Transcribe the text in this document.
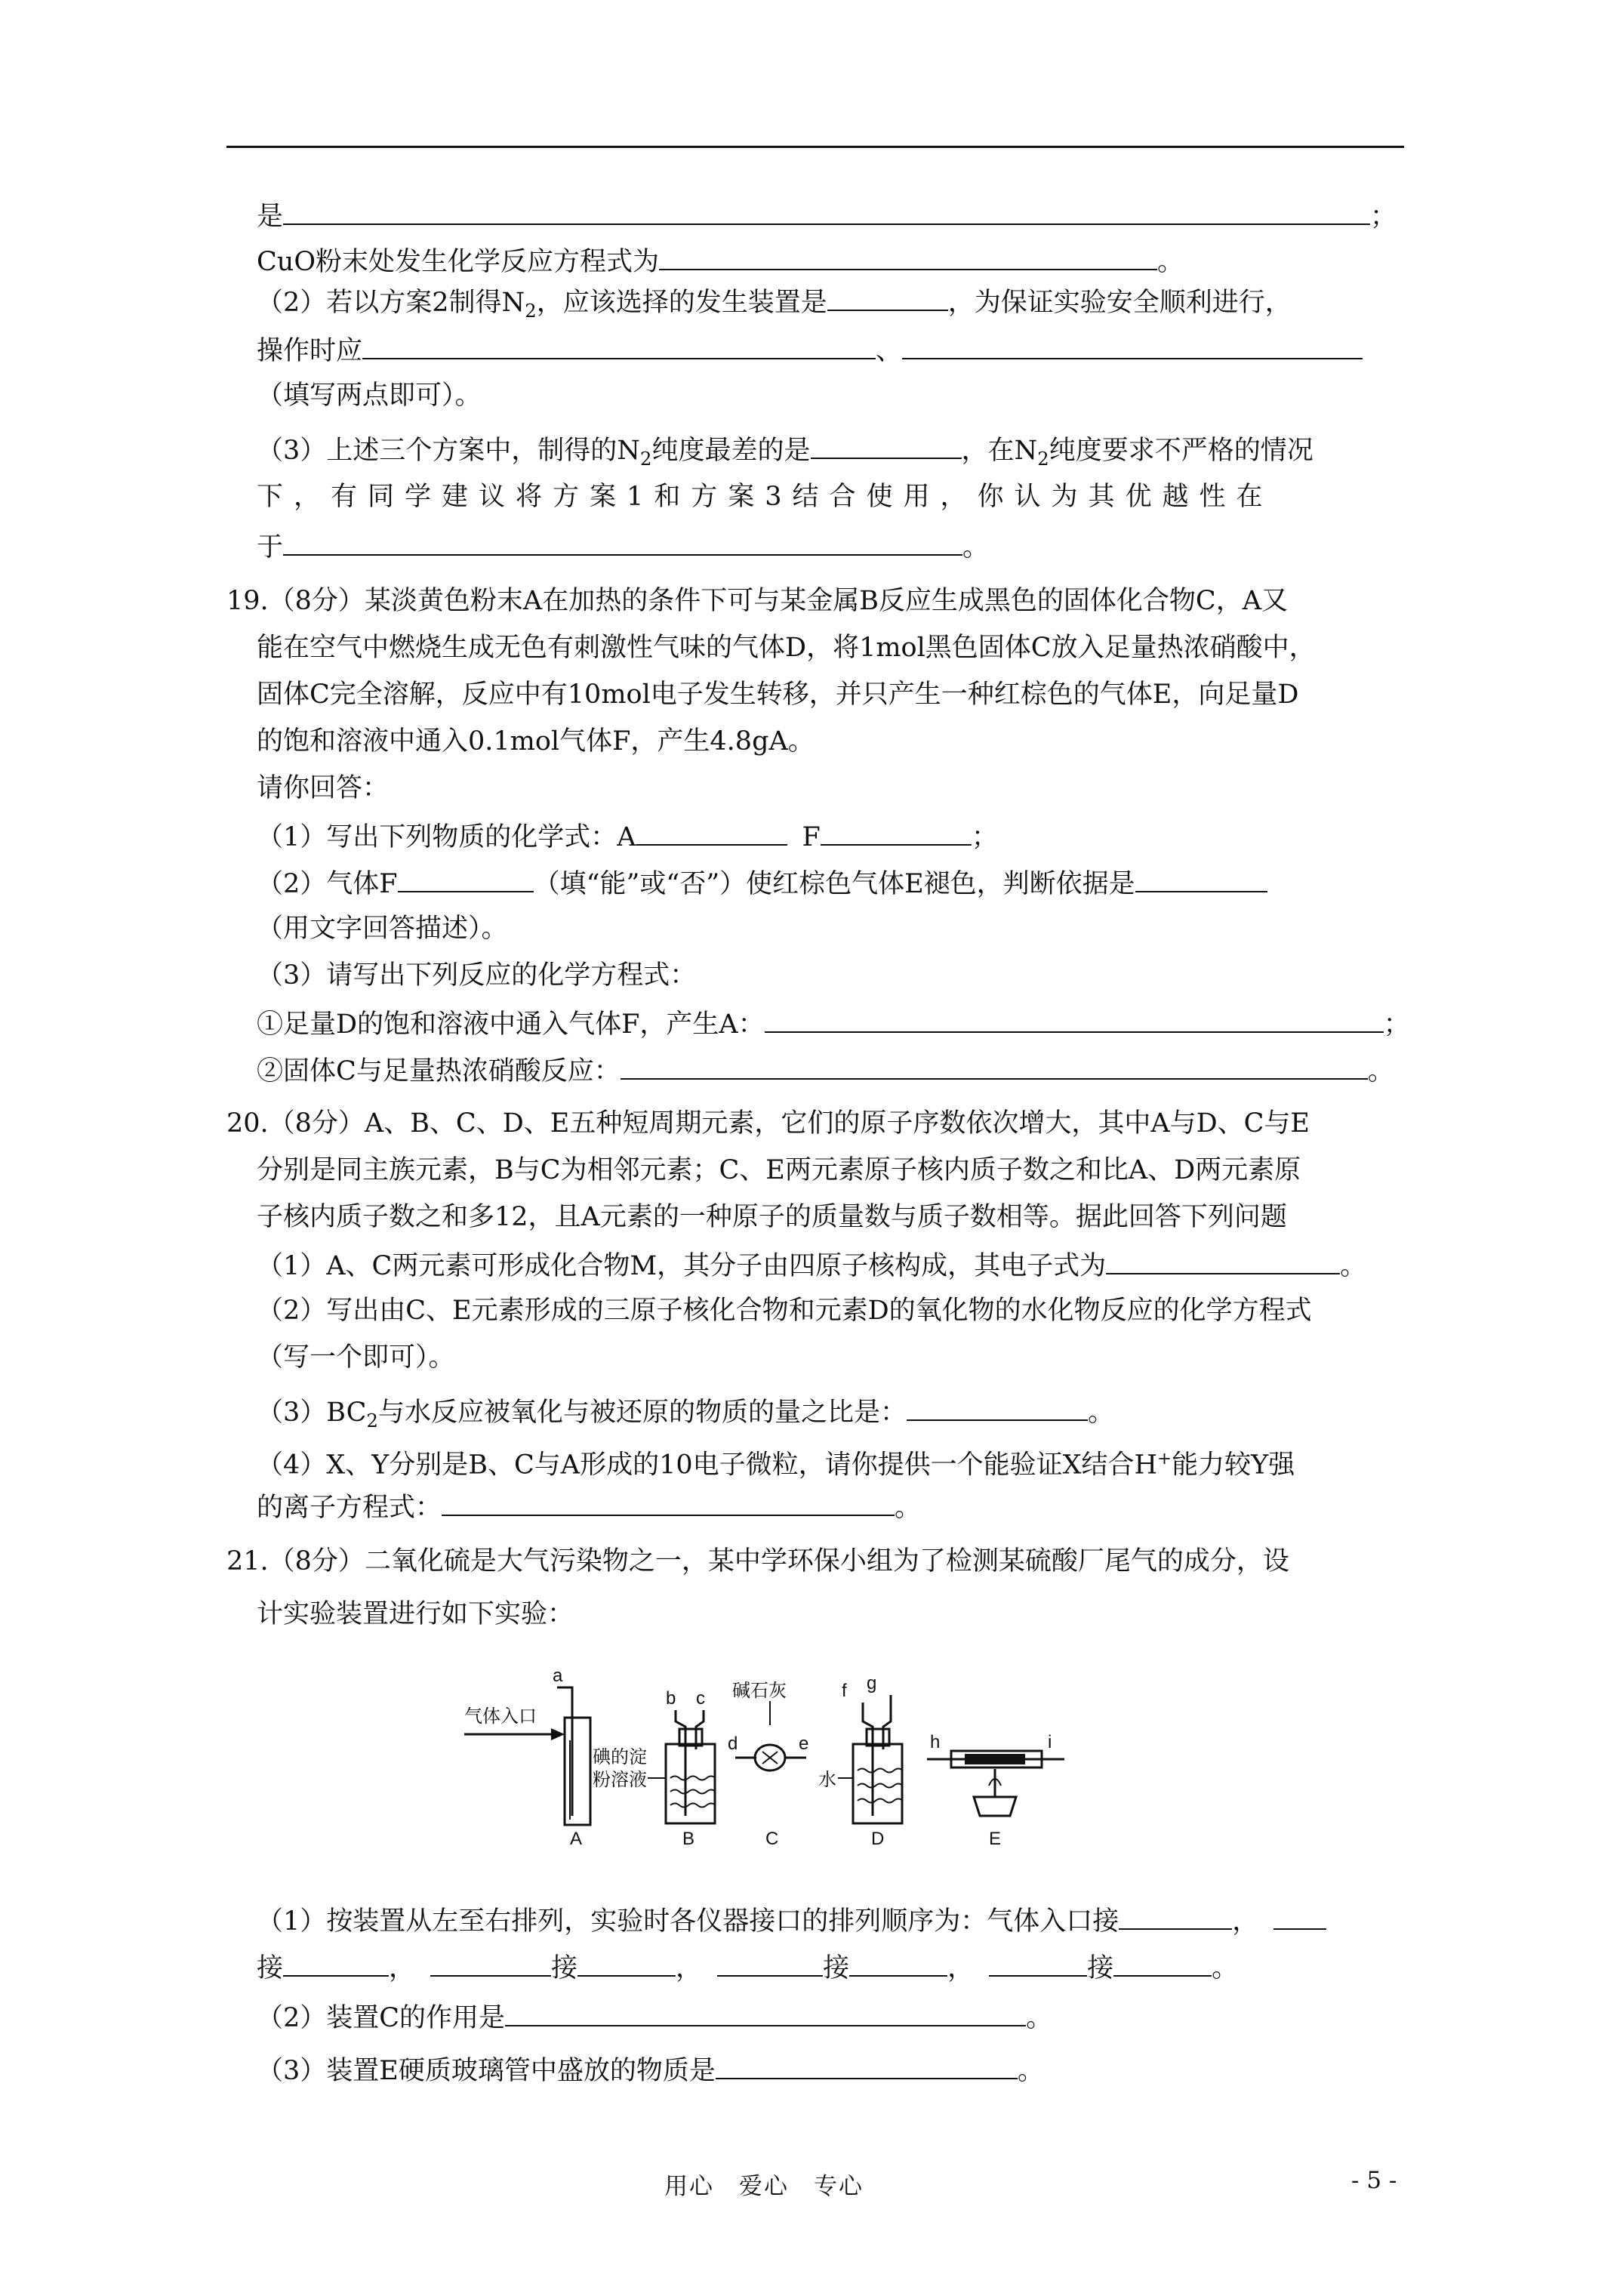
是	；
CuO粉末处发生化学反应方程式为	。
（2）若以方案2制得$N_2$，应该选择的发生装置是	，为保证实验安全顺利进行，
操作时应	、
（填写两点即可）。
（3）上述三个方案中，制得的$N_2$纯度最差的是	，在$N_2$纯度要求不严格的情况
下，有同学建议将方案1和方案3结合使用，你认为其优越性在
于	。
19.（8分）某淡黄色粉末A在加热的条件下可与某金属B反应生成黑色的固体化合物C，A又
能在空气中燃烧生成无色有刺激性气味的气体D，将1mol黑色固体C放入足量热浓硝酸中，
固体C完全溶解，反应中有10mol电子发生转移，并只产生一种红棕色的气体E，向足量D
的饱和溶液中通入0.1mol气体F，产生4.8gA。
请你回答：
（1）写出下列物质的化学式：A	F	；
（2）气体F	（填“能”或“否”）使红棕色气体E褪色，判断依据是
（用文字回答描述）。
（3）请写出下列反应的化学方程式：
①足量D的饱和溶液中通入气体F，产生A：	；
②固体C与足量热浓硝酸反应：	。
20.（8分）A、B、C、D、E五种短周期元素，它们的原子序数依次增大，其中A与D、C与E
分别是同主族元素，B与C为相邻元素；C、E两元素原子核内质子数之和比A、D两元素原
子核内质子数之和多12，且A元素的一种原子的质量数与质子数相等。据此回答下列问题
（1）A、C两元素可形成化合物M，其分子由四原子核构成，其电子式为	。
（2）写出由C、E元素形成的三原子核化合物和元素D的氧化物的水化物反应的化学方程式
（写一个即可）。
$(3)BC_2$与水反应被氧化与被还原的物质的量之比是：	。
（4）X、Y分别是B、C与A形成的10电子微粒，请你提供一个能验证X结合H+能力较Y强
的离子方程式：	。
21.（8分）二氧化硫是大气污染物之一，某中学环保小组为了检测某硫酸厂尾气的成分，设
计实验装置进行如下实验：
气体入口
a
A
碘的淀
粉溶液
b c
B
碱石灰
d	e
C
f g
水
D
h	i
E
（1）按装置从左至右排列，实验时各仪器接口的排列顺序为：气体入口接	，
接	，	接	，	接	，	接	。
（2）装置C的作用是	。
（3）装置E硬质玻璃管中盛放的物质是	。
用心　爱心　专心	- 5 -
